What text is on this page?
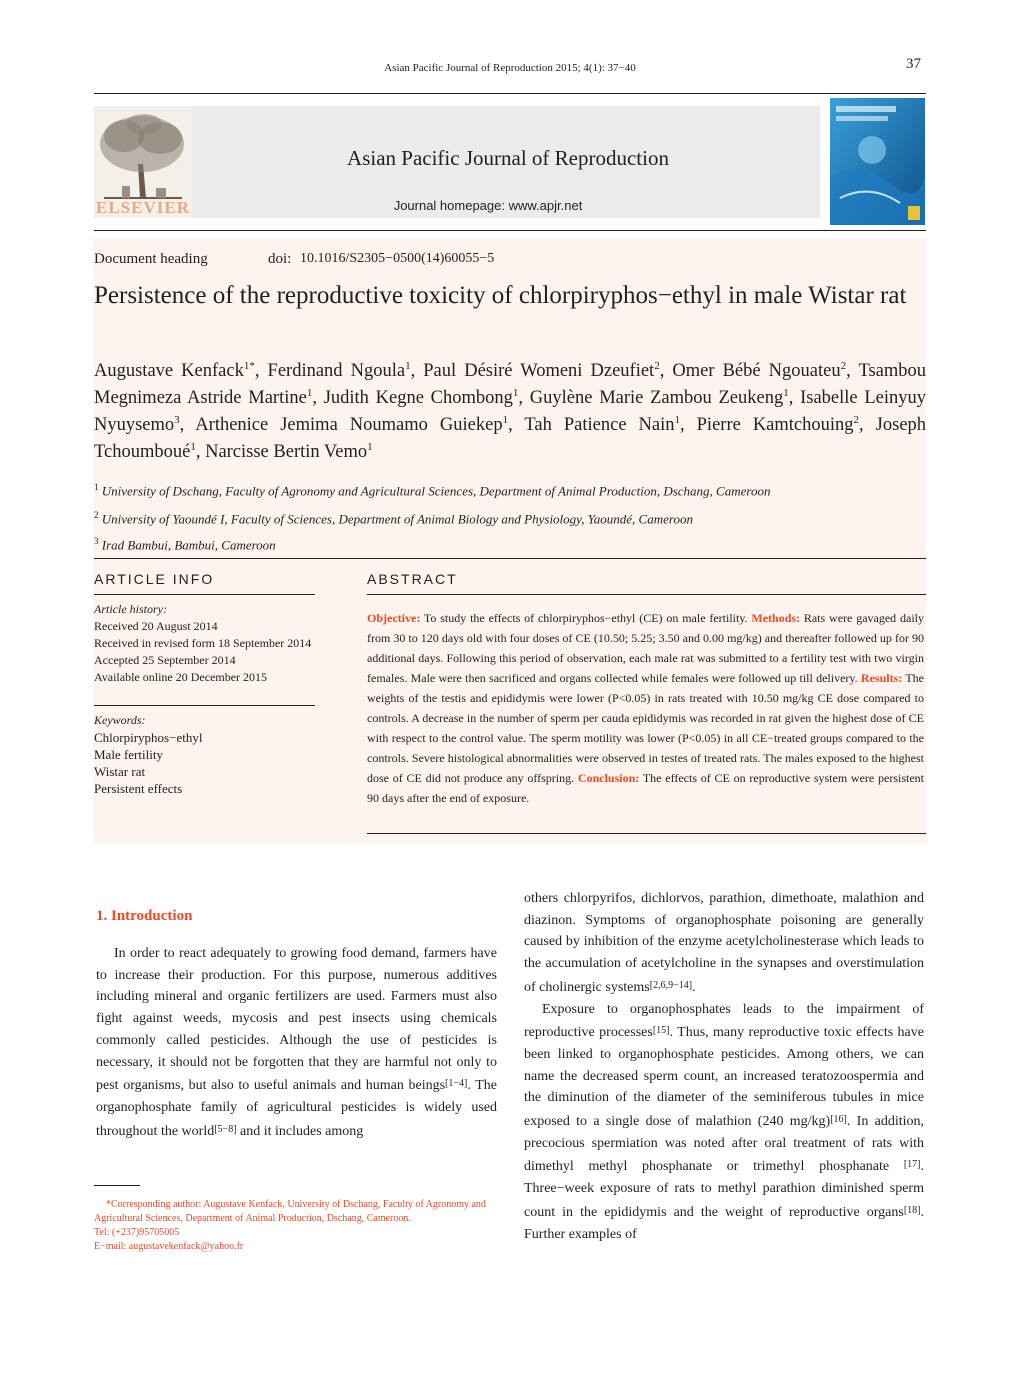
Asian Pacific Journal of Reproduction 2015; 4(1): 37−40	37
ELSEVIER
Asian Pacific Journal of Reproduction
Journal homepage: www.apjr.net
Document heading	doi: 10.1016/S2305−0500(14)60055−5
Persistence of the reproductive toxicity of chlorpiryphos−ethyl in male Wistar rat
Augustave Kenfack$^{1*}$, Ferdinand Ngoula$^1$, Paul Désiré Womeni Dzeufiet$^2$, Omer Bébé Ngouateu$^2$, Tsambou Megnimeza Astride Martine$^1$, Judith Kegne Chombong$^1$, Guylène Marie Zambou Zeukeng$^1$, Isabelle Leinyuy Nyuysemo$^3$, Arthenice Jemima Noumamo Guiekep$^1$, Tah Patience Nain$^1$, Pierre Kamtchouing$^2$, Joseph Tchoumboué$^1$, Narcisse Bertin Vemo$^1$
$^1$ University of Dschang, Faculty of Agronomy and Agricultural Sciences, Department of Animal Production, Dschang, Cameroon
$^2$ University of Yaoundé I, Faculty of Sciences, Department of Animal Biology and Physiology, Yaoundé, Cameroon
$^3$ Irad Bambui, Bambui, Cameroon
ARTICLE INFO
Article history:
Received 20 August 2014
Received in revised form 18 September 2014
Accepted 25 September 2014
Available online 20 December 2015
Keywords:
Chlorpiryphos−ethyl
Male fertility
Wistar rat
Persistent effects
ABSTRACT
Objective: To study the effects of chlorpiryphos−ethyl (CE) on male fertility. Methods: Rats were gavaged daily from 30 to 120 days old with four doses of CE (10.50; 5.25; 3.50 and 0.00 mg/kg) and thereafter followed up for 90 additional days. Following this period of observation, each male rat was submitted to a fertility test with two virgin females. Male were then sacrificed and organs collected while females were followed up till delivery. Results: The weights of the testis and epididymis were lower (P<0.05) in rats treated with 10.50 mg/kg CE dose compared to controls. A decrease in the number of sperm per cauda epididymis was recorded in rat given the highest dose of CE with respect to the control value. The sperm motility was lower (P<0.05) in all CE−treated groups compared to the controls. Severe histological abnormalities were observed in testes of treated rats. The males exposed to the highest dose of CE did not produce any offspring. Conclusion: The effects of CE on reproductive system were persistent 90 days after the end of exposure.
1. Introduction

In order to react adequately to growing food demand, farmers have to increase their production. For this purpose, numerous additives including mineral and organic fertilizers are used. Farmers must also fight against weeds, mycosis and pest insects using chemicals commonly called pesticides. Although the use of pesticides is necessary, it should not be forgotten that they are harmful not only to pest organisms, but also to useful animals and human beings[1−4]. The organophosphate family of agricultural pesticides is widely used throughout the world[5−8] and it includes among

others chlorpyrifos, dichlorvos, parathion, dimethoate, malathion and diazinon. Symptoms of organophosphate poisoning are generally caused by inhibition of the enzyme acetylcholinesterase which leads to the accumulation of acetylcholine in the synapses and overstimulation of cholinergic systems[2,6,9−14].

Exposure to organophosphates leads to the impairment of reproductive processes[15]. Thus, many reproductive toxic effects have been linked to organophosphate pesticides. Among others, we can name the decreased sperm count, an increased teratozoospermia and the diminution of the diameter of the seminiferous tubules in mice exposed to a single dose of malathion (240 mg/kg)[16]. In addition, precocious spermiation was noted after oral treatment of rats with dimethyl methyl phosphanate or trimethyl phosphanate [17]. Three−week exposure of rats to methyl parathion diminished sperm count in the epididymis and the weight of reproductive organs[18]. Further examples of

*Corresponding author: Augustave Kenfack, University of Dschang, Faculty of Agronomy and Agricultural Sciences, Department of Animal Production, Dschang, Cameroon.

Tel: (+237)95705005

E−mail: augustavekenfack@yahoo.fr
